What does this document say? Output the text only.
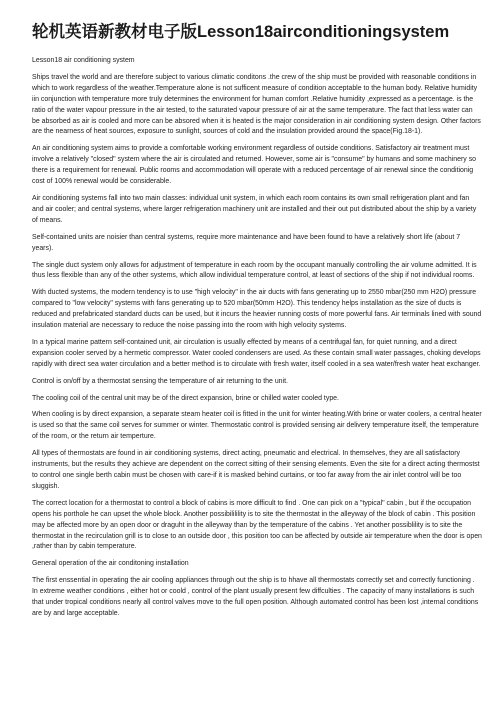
轮机英语新教材电子版Lesson18airconditioningsystem

Lesson18 air conditioning system

Ships travel the world and are therefore subject to various climatic conditons .the crew of the ship must be provided with reasonable conditions in which to work regardless of the weather.Temperature alone is not sufficent measure of condition acceptable to the human body. Relative humidity iin conjunction with temperature more truly determines the environment for human comfort .Relative humidity ,expressed as a percentage. is the ratio of the water vapour pressure in the air tested, to the saturated vapour pressure of air at the same temperature. The fact that less water can be absorbed as air is cooled and more can be absored when it is heated is the major consideration in air conditioning system design. Other factors are the nearness of heat sources, exposure to sunlight, sources of cold and the insulation provided around the space(Fig.18-1).

An air conditioning system aims to provide a comfortable working environment regardless of outside conditions. Satisfactory air treatment must involve a relatively "closed" system where the air is circulated and returned. However, some air is "consume" by humans and some machinery so there is a requirement for renewal. Public rooms and accommodation will operate with a reduced percentage of air renewal since the conditionig cost of 100% renewal would be considerable.

Air conditioning systems fall into two main classes: individual unit system, in which each room contains its own small refrigeration plant and fan and air cooler; and central systems, where larger refrigeration machinery unit are installed and their out put distributed about the ship by a variety of means.

Self-contained units are noisier than central systems, require more maintenance and have been found to have a relatively short life (about 7 years).

The single duct system only allows for adjustment of temperature in each room by the occupant manually controlling the air volume admitted. It is thus less flexible than any of the other systems, which allow individual temperature control, at least of sections of the ship if not individual rooms.

With ducted systems, the modern tendency is to use "high velocity" in the air ducts with fans generating up to 2550 mbar(250 mm H2O) pressure compared to "low velocity" systems with fans generating up to 520 mbar(50mm H2O). This tendency helps installation as the size of ducts is reduced and prefabricated standard ducts can be used, but it incurs the heavier running costs of more powerful fans. Air terminals lined with sound insulation material are necessary to reduce the noise passing into the room with high velocity systems.

In a typical marine pattern self-contained unit, air circulation is usually effected by means of a centrifugal fan, for quiet running, and a direct expansion cooler served by a hermetic compressor. Water cooled condensers are used. As these contain small water passages, choking develops rapidly with direct sea water circulation and a better method is to circulate with fresh water, itself cooled in a sea water/fresh water heat exchanger.

Control is on/off by a thermostat sensing the temperature of air returning to the unit.

The cooling coil of the central unit may be of the direct expansion, brine or chilled water cooled type.

When cooling is by direct expansion, a separate steam heater coil is fitted in the unit for winter heating.With brine or water coolers, a central heater is used so that the same coil serves for summer or winter. Thermostatic control is provided sensing air delivery temperature itself, the temperature of the room, or the return air temperture.

All types of thermostats are found in air conditioning systems, direct acting, pneumatic and electrical. In themselves, they are all satisfactory instruments, but the results they achieve are dependent on the correct sitting of their sensing elements. Even the site for a direct acting thermostst to control one single berth cabin must be chosen with care-if it is masked behind curtains, or too far away from the air inlet control will be too sluggish.

The correct location for a thermostat to control a block of cabins is more difficult to find . One can pick on a "typical" cabin , but if the occupation opens his porthole he can upset the whole block. Another possibililility is to site the thermostat in the alleyway of the block of cabin . This position may be affected more by an open door or draguht in the alleyway than by the temperature of the cabins . Yet another possiblility is to site the thermostat in the recirculation grill is to close to an outside door , this position too can be affected by outside air temperature when the door is open ,rather than by cabin temperature.

General operation of the air conditoning installation

The first enssential in operating the air cooling appliances through out the ship is to hhave all thermostats correctly set and correctly functioning . In extreme weather conditions , either hot or coold , control of the plant usually present few diffculties . The capacity of many installations is such that under tropical conditions nearly all control valves move to the full open position. Although automated control has been lost ,internal conditions are by and large acceptable.
